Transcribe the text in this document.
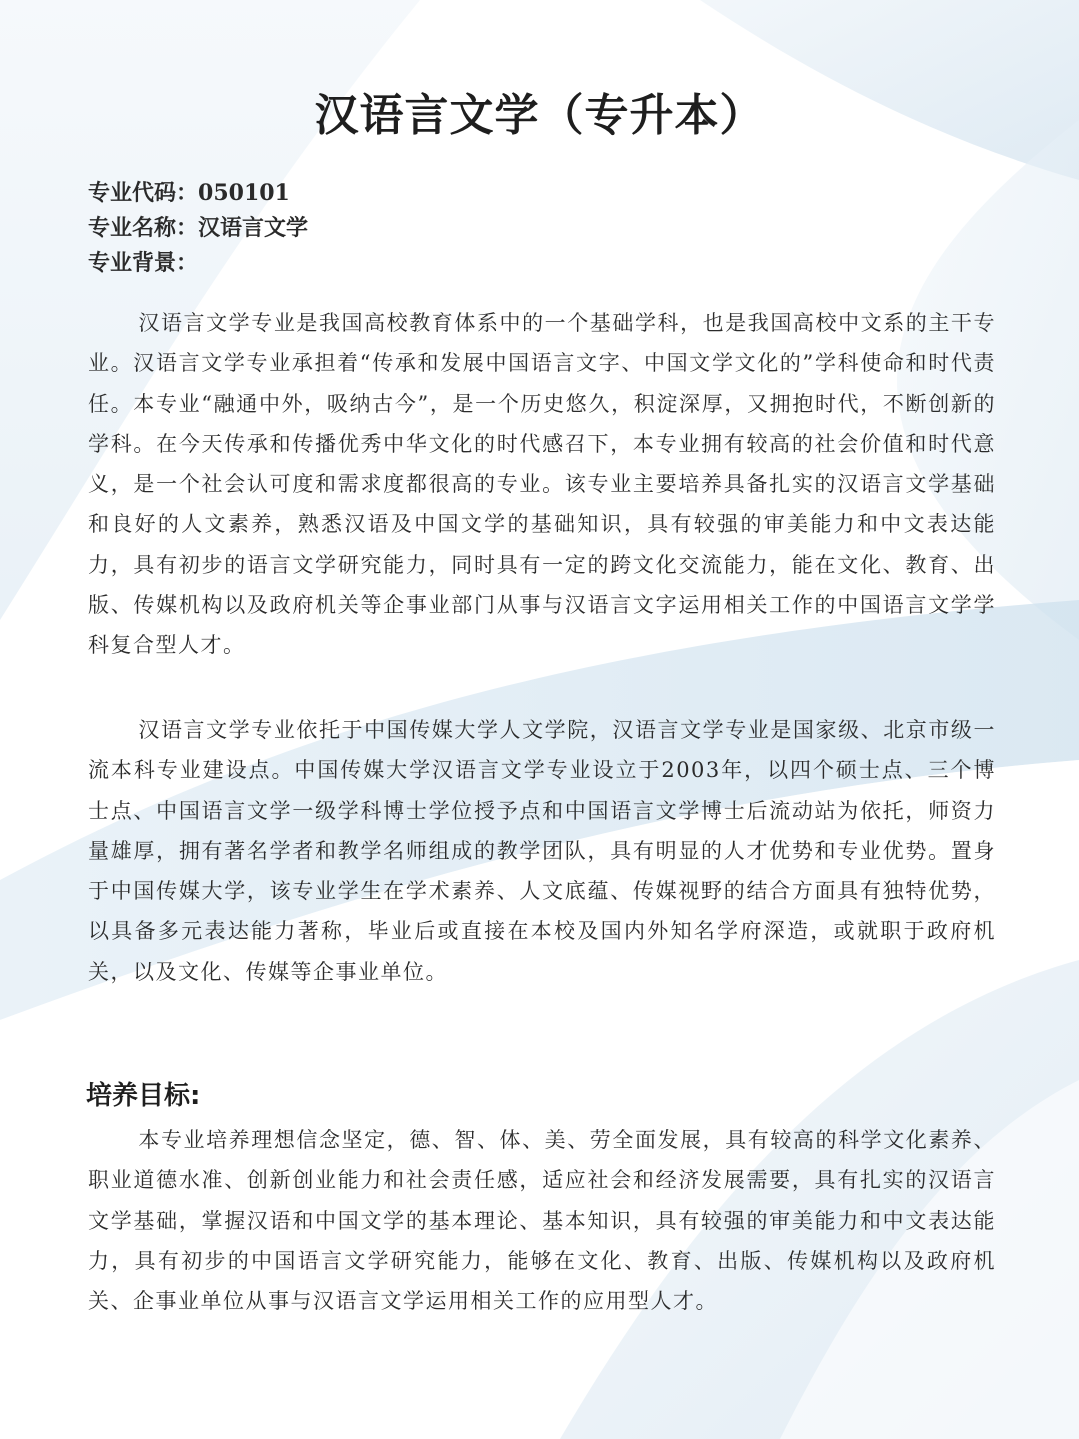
汉语言文学（专升本）
专业代码：050101
专业名称：汉语言文学
专业背景：

汉语言文学专业是我国高校教育体系中的一个基础学科，也是我国高校中文系的主干专业。汉语言文学专业承担着“传承和发展中国语言文字、中国文学文化的”学科使命和时代责任。本专业“融通中外，吸纳古今”，是一个历史悠久，积淀深厚，又拥抱时代，不断创新的学科。在今天传承和传播优秀中华文化的时代感召下，本专业拥有较高的社会价值和时代意义，是一个社会认可度和需求度都很高的专业。该专业主要培养具备扎实的汉语言文学基础和良好的人文素养，熟悉汉语及中国文学的基础知识，具有较强的审美能力和中文表达能力，具有初步的语言文学研究能力，同时具有一定的跨文化交流能力，能在文化、教育、出版、传媒机构以及政府机关等企事业部门从事与汉语言文字运用相关工作的中国语言文学学科复合型人才。

汉语言文学专业依托于中国传媒大学人文学院，汉语言文学专业是国家级、北京市级一流本科专业建设点。中国传媒大学汉语言文学专业设立于2003年，以四个硕士点、三个博士点、中国语言文学一级学科博士学位授予点和中国语言文学博士后流动站为依托，师资力量雄厚，拥有著名学者和教学名师组成的教学团队，具有明显的人才优势和专业优势。置身于中国传媒大学，该专业学生在学术素养、人文底蕴、传媒视野的结合方面具有独特优势，以具备多元表达能力著称，毕业后或直接在本校及国内外知名学府深造，或就职于政府机关，以及文化、传媒等企事业单位。

培养目标:

本专业培养理想信念坚定，德、智、体、美、劳全面发展，具有较高的科学文化素养、职业道德水准、创新创业能力和社会责任感，适应社会和经济发展需要，具有扎实的汉语言文学基础，掌握汉语和中国文学的基本理论、基本知识，具有较强的审美能力和中文表达能力，具有初步的中国语言文学研究能力，能够在文化、教育、出版、传媒机构以及政府机关、企事业单位从事与汉语言文学运用相关工作的应用型人才。
